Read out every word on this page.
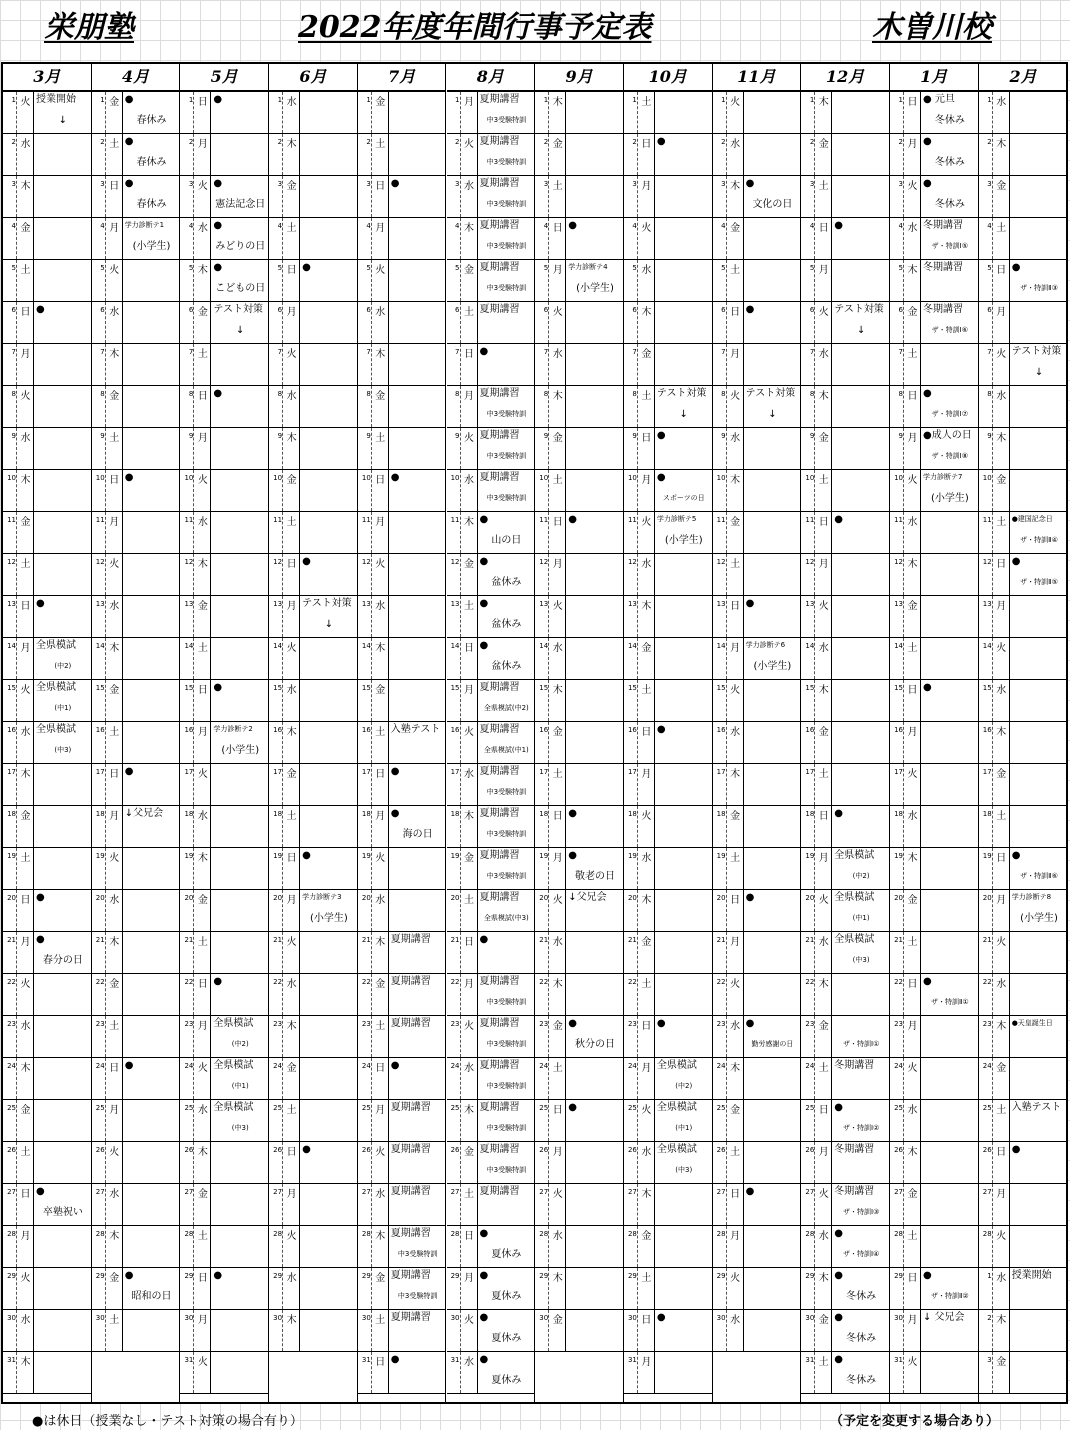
栄朋塾	2022年度年間行事予定表	木曽川校
3月
1 火 授業開始
↓
2 水
3 木
4 金
5 土
6 日 ●
7 月
8 火
9 水
10 木
11 金
12 土
13 日 ●
14 月 全県模試
(中2)
15 火 全県模試
(中1)
16 水 全県模試
(中3)
17 木
18 金
19 土
20 日 ●
21 月 ●
春分の日
22 火
23 水
24 木
25 金
26 土
27 日 ●
卒塾祝い
28 月
29 火
30 水
31 木
4月
1 金 ●
春休み
2 土 ●
春休み
3 日 ●
春休み
4 月 学力診断テ1
(小学生)
5 火
6 水
7 木
8 金
9 土
10 日 ●
11 月
12 火
13 水
14 木
15 金
16 土
17 日 ●
18 月 ↓父兄会
19 火
20 水
21 木
22 金
23 土
24 日 ●
25 月
26 火
27 水
28 木
29 金 ●
昭和の日
30 土
5月
1 日 ●
2 月
3 火 ●
憲法記念日
4 水 ●
みどりの日
5 木 ●
こどもの日
6 金 テスト対策
↓
7 土
8 日 ●
9 月
10 火
11 水
12 木
13 金
14 土
15 日 ●
16 月 学力診断テ2
(小学生)
17 火
18 水
19 木
20 金
21 土
22 日 ●
23 月 全県模試
(中2)
24 火 全県模試
(中1)
25 水 全県模試
(中3)
26 木
27 金
28 土
29 日 ●
30 月
31 火
6月
1 水
2 木
3 金
4 土
5 日 ●
6 月
7 火
8 水
9 木
10 金
11 土
12 日 ●
13 月 テスト対策
↓
14 火
15 水
16 木
17 金
18 土
19 日 ●
20 月 学力診断テ3
(小学生)
21 火
22 水
23 木
24 金
25 土
26 日 ●
27 月
28 火
29 水
30 木
7月
1 金
2 土
3 日 ●
4 月
5 火
6 水
7 木
8 金
9 土
10 日 ●
11 月
12 火
13 水
14 木
15 金
16 土 入塾テスト
17 日 ●
18 月 ●
海の日
19 火
20 水
21 木 夏期講習
22 金 夏期講習
23 土 夏期講習
24 日 ●
25 月 夏期講習
26 火 夏期講習
27 水 夏期講習
28 木 夏期講習
中3受験特訓
29 金 夏期講習
中3受験特訓
30 土 夏期講習
31 日 ●
8月
1 月 夏期講習
中3受験特訓
2 火 夏期講習
中3受験特訓
3 水 夏期講習
中3受験特訓
4 木 夏期講習
中3受験特訓
5 金 夏期講習
中3受験特訓
6 土 夏期講習
7 日 ●
8 月 夏期講習
中3受験特訓
9 火 夏期講習
中3受験特訓
10 水 夏期講習
中3受験特訓
11 木 ●
山の日
12 金 ●
盆休み
13 土 ●
盆休み
14 日 ●
盆休み
15 月 夏期講習
全県模試(中2)
16 火 夏期講習
全県模試(中1)
17 水 夏期講習
中3受験特訓
18 木 夏期講習
中3受験特訓
19 金 夏期講習
中3受験特訓
20 土 夏期講習
全県模試(中3)
21 日 ●
22 月 夏期講習
中3受験特訓
23 火 夏期講習
中3受験特訓
24 水 夏期講習
中3受験特訓
25 木 夏期講習
中3受験特訓
26 金 夏期講習
中3受験特訓
27 土 夏期講習
28 日 ●
夏休み
29 月 ●
夏休み
30 火 ●
夏休み
31 水 ●
夏休み
9月
1 木
2 金
3 土
4 日 ●
5 月 学力診断テ4
(小学生)
6 火
7 水
8 木
9 金
10 土
11 日 ●
12 月
13 火
14 水
15 木
16 金
17 土
18 日 ●
19 月 ●
敬老の日
20 火 ↓父兄会
21 水
22 木
23 金 ●
秋分の日
24 土
25 日 ●
26 月
27 火
28 水
29 木
30 金
10月
1 土
2 日 ●
3 月
4 火
5 水
6 木
7 金
8 土 テスト対策
↓
9 日 ●
10 月 ●
スポーツの日
11 火 学力診断テ5
(小学生)
12 水
13 木
14 金
15 土
16 日 ●
17 月
18 火
19 水
20 木
21 金
22 土
23 日 ●
24 月 全県模試
(中2)
25 火 全県模試
(中1)
26 水 全県模試
(中3)
27 木
28 金
29 土
30 日 ●
31 月
11月
1 火
2 水
3 木 ●
文化の日
4 金
5 土
6 日 ●
7 月
8 火 テスト対策
↓
9 水
10 木
11 金
12 土
13 日 ●
14 月 学力診断テ6
(小学生)
15 火
16 水
17 木
18 金
19 土
20 日 ●
21 月
22 火
23 水 ●
勤労感謝の日
24 木
25 金
26 土
27 日 ●
28 月
29 火
30 水
12月
1 木
2 金
3 土
4 日 ●
5 月
6 火 テスト対策
↓
7 水
8 木
9 金
10 土
11 日 ●
12 月
13 火
14 水
15 木
16 金
17 土
18 日 ●
19 月 全県模試
(中2)
20 火 全県模試
(中1)
21 水 全県模試
(中3)
22 木
23 金
ザ・特訓Ⅰ①
24 土 冬期講習
25 日 ●
ザ・特訓Ⅰ②
26 月 冬期講習
27 火 冬期講習
ザ・特訓Ⅰ③
28 水 ●
ザ・特訓Ⅰ④
29 木 ●
冬休み
30 金 ●
冬休み
31 土 ●
冬休み
1月
1 日 ● 元旦
冬休み
2 月 ●
冬休み
3 火 ●
冬休み
4 水 冬期講習
ザ・特訓Ⅰ⑤
5 木 冬期講習
6 金 冬期講習
ザ・特訓Ⅰ⑥
7 土
8 日 ●
ザ・特訓Ⅰ⑦
9 月 ●成人の日
ザ・特訓Ⅰ⑧
10 火 学力診断テ7
(小学生)
11 水
12 木
13 金
14 土
15 日 ●
16 月
17 火
18 水
19 木
20 金
21 土
22 日 ●
ザ・特訓Ⅱ①
23 月
24 火
25 水
26 木
27 金
28 土
29 日 ●
ザ・特訓Ⅱ②
30 月 ↓ 父兄会
31 火
2月
1 水
2 木
3 金
4 土
5 日 ●
ザ・特訓Ⅱ③
6 月
7 火 テスト対策
↓
8 水
9 木
10 金
11 土 ●建国記念日
ザ・特訓Ⅱ④
12 日 ●
ザ・特訓Ⅱ⑤
13 月
14 火
15 水
16 木
17 金
18 土
19 日 ●
ザ・特訓Ⅱ⑥
20 月 学力診断テ8
(小学生)
21 火
22 水
23 木 ●天皇誕生日
24 金
25 土 入塾テスト
26 日 ●
27 月
28 火
1 水 授業開始
2 木
3 金
●は休日（授業なし・テスト対策の場合有り）	（予定を変更する場合あり）
